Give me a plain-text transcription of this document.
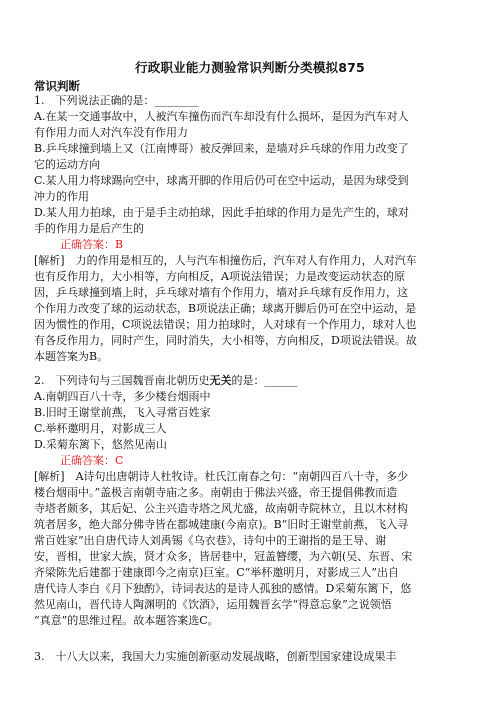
行政职业能力测验常识判断分类模拟875
常识判断
1.　下列说法正确的是：________
A.在某一交通事故中，人被汽车撞伤而汽车却没有什么损坏，是因为汽车对人
有作用力而人对汽车没有作用力
B.乒乓球撞到墙上又（江南博哥）被反弹回来，是墙对乒乓球的作用力改变了
它的运动方向
C.某人用力将球踢向空中，球离开脚的作用后仍可在空中运动，是因为球受到
冲力的作用
D.某人用力拍球，由于是手主动拍球，因此手拍球的作用力是先产生的，球对
手的作用力是后产生的
正确答案：B
[解析]　力的作用是相互的，人与汽车相撞伤后，汽车对人有作用力，人对汽车
也有反作用力，大小相等，方向相反，A项说法错误；力是改变运动状态的原
因，乒乓球撞到墙上时，乒乓球对墙有个作用力，墙对乒乓球有反作用力，这
个作用力改变了球的运动状态，B项说法正确；球离开脚后仍可在空中运动，是
因为惯性的作用，C项说法错误；用力拍球时，人对球有一个作用力，球对人也
有各反作用力，同时产生，同时消失，大小相等，方向相反，D项说法错误。故
本题答案为B。
2.　下列诗句与三国魏晋南北朝历史无关的是：______
A.南朝四百八十寺，多少楼台烟雨中
B.旧时王谢堂前燕，飞入寻常百姓家
C.举杯邀明月，对影成三人
D.采菊东篱下，悠然见南山
正确答案：C
[解析]　A诗句出唐朝诗人杜牧诗。杜氏江南春之句：“南朝四百八十寺，多少
楼台烟雨中。”盖极言南朝寺庙之多。南朝由于佛法兴盛，帝王提倡佛教而造
寺塔者颇多，其后妃、公主兴造寺塔之风尤盛，故南朝寺院林立，且以木材构
筑者居多，绝大部分佛寺皆在都城建康(今南京)。B“旧时王谢堂前燕，飞入寻
常百姓家”出自唐代诗人刘禹锡《乌衣巷》，诗句中的王谢指的是王导、谢
安，晋相，世家大族，贤才众多，皆居巷中，冠盖簪缨，为六朝(吴、东晋、宋
齐梁陈先后建都于建康即今之南京)巨室。C“举杯邀明月，对影成三人”出自
唐代诗人李白《月下独酌》，诗词表达的是诗人孤独的感情。D采菊东篱下，悠
然见南山，晋代诗人陶渊明的《饮酒》，运用魏晋玄学“得意忘象”之说领悟
“真意”的思维过程。故本题答案选C。
3.　十八大以来，我国大力实施创新驱动发展战略，创新型国家建设成果丰
